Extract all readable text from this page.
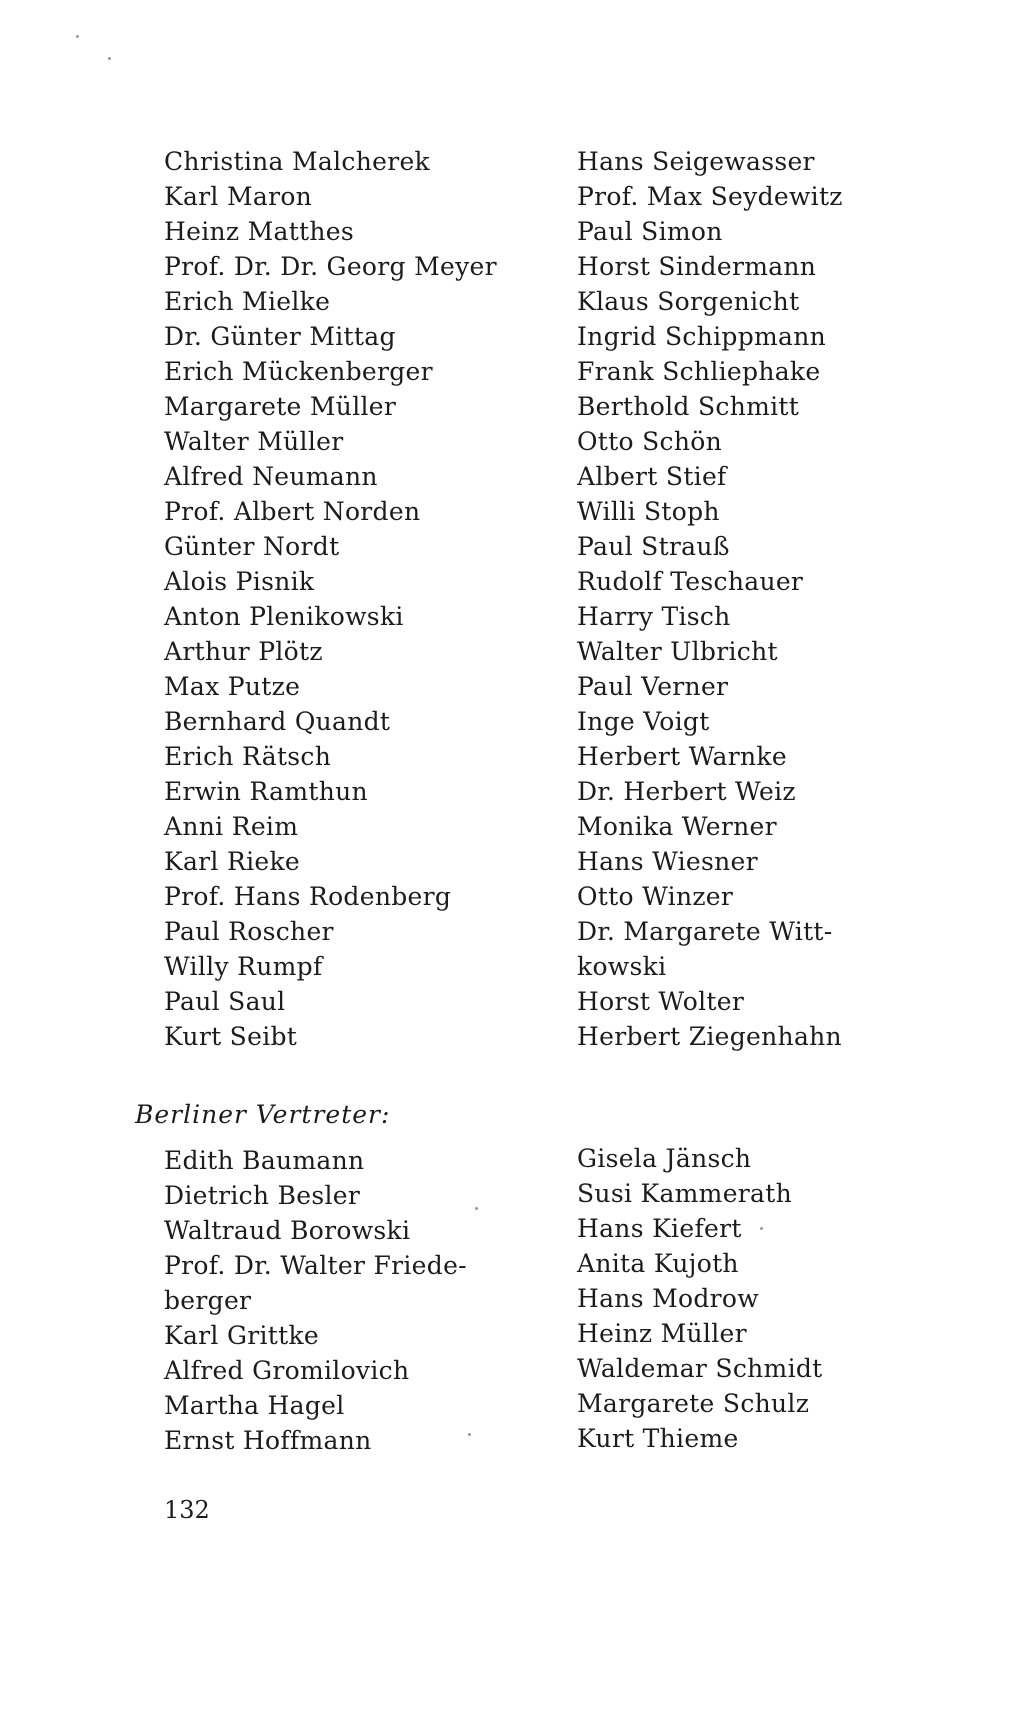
Christina Malcherek
Karl Maron
Heinz Matthes
Prof. Dr. Dr. Georg Meyer
Erich Mielke
Dr. Günter Mittag
Erich Mückenberger
Margarete Müller
Walter Müller
Alfred Neumann
Prof. Albert Norden
Günter Nordt
Alois Pisnik
Anton Plenikowski
Arthur Plötz
Max Putze
Bernhard Quandt
Erich Rätsch
Erwin Ramthun
Anni Reim
Karl Rieke
Prof. Hans Rodenberg
Paul Roscher
Willy Rumpf
Paul Saul
Kurt Seibt
Hans Seigewasser
Prof. Max Seydewitz
Paul Simon
Horst Sindermann
Klaus Sorgenicht
Ingrid Schippmann
Frank Schliephake
Berthold Schmitt
Otto Schön
Albert Stief
Willi Stoph
Paul Strauß
Rudolf Teschauer
Harry Tisch
Walter Ulbricht
Paul Verner
Inge Voigt
Herbert Warnke
Dr. Herbert Weiz
Monika Werner
Hans Wiesner
Otto Winzer
Dr. Margarete Witt-
kowski
Horst Wolter
Herbert Ziegenhahn
Berliner Vertreter:
Edith Baumann
Dietrich Besler
Waltraud Borowski
Prof. Dr. Walter Friede-
berger
Karl Grittke
Alfred Gromilovich
Martha Hagel
Ernst Hoffmann
Gisela Jänsch
Susi Kammerath
Hans Kiefert
Anita Kujoth
Hans Modrow
Heinz Müller
Waldemar Schmidt
Margarete Schulz
Kurt Thieme
132
